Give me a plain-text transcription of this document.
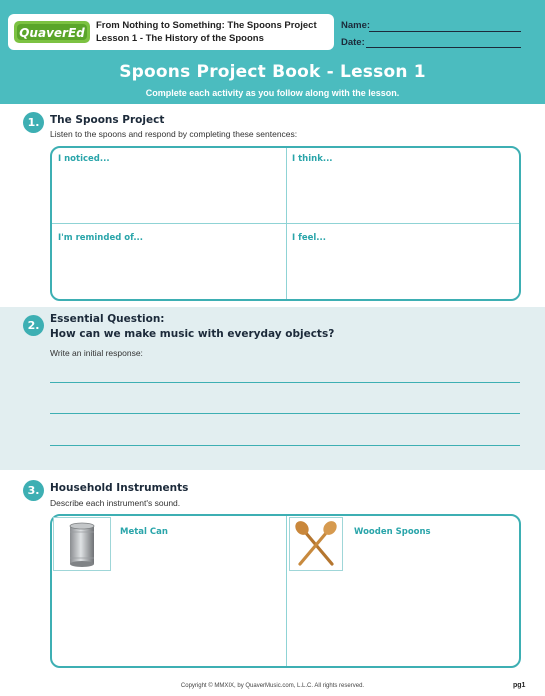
QuaverEd
From Nothing to Something: The Spoons Project
Lesson 1 - The History of the Spoons
Name:
Date:
Spoons Project Book - Lesson 1
Complete each activity as you follow along with the lesson.
1.	The Spoons Project
Listen to the spoons and respond by completing these sentences:
I noticed...	I think...
I'm reminded of...	I feel...
2.	Essential Question:
How can we make music with everyday objects?
Write an initial response:
3.	Household Instruments
Describe each instrument's sound.
Metal Can	Wooden Spoons
Copyright © MMXIX, by QuaverMusic.com, L.L.C. All rights reserved.	pg1
